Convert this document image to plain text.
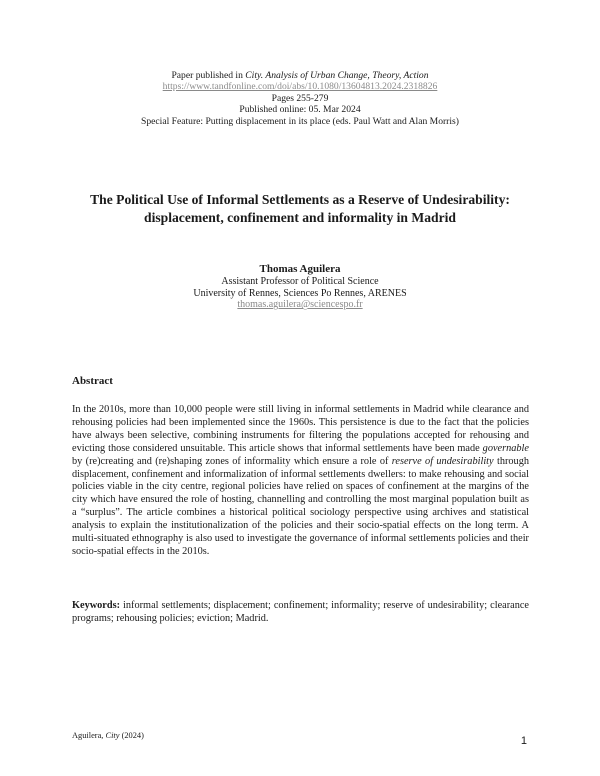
Paper published in City. Analysis of Urban Change, Theory, Action
https://www.tandfonline.com/doi/abs/10.1080/13604813.2024.2318826
Pages 255-279
Published online: 05. Mar 2024
Special Feature: Putting displacement in its place (eds. Paul Watt and Alan Morris)
The Political Use of Informal Settlements as a Reserve of Undesirability:
displacement, confinement and informality in Madrid
Thomas Aguilera
Assistant Professor of Political Science
University of Rennes, Sciences Po Rennes, ARENES
thomas.aguilera@sciencespo.fr
Abstract
In the 2010s, more than 10,000 people were still living in informal settlements in Madrid while clearance and rehousing policies had been implemented since the 1960s. This persistence is due to the fact that the policies have always been selective, combining instruments for filtering the populations accepted for rehousing and evicting those considered unsuitable. This article shows that informal settlements have been made governable by (re)creating and (re)shaping zones of informality which ensure a role of reserve of undesirability through displacement, confinement and informalization of informal settlements dwellers: to make rehousing and social policies viable in the city centre, regional policies have relied on spaces of confinement at the margins of the city which have ensured the role of hosting, channelling and controlling the most marginal population built as a “surplus”. The article combines a historical political sociology perspective using archives and statistical analysis to explain the institutionalization of the policies and their socio-spatial effects on the long term. A multi-situated ethnography is also used to investigate the governance of informal settlements policies and their socio-spatial effects in the 2010s.
Keywords: informal settlements; displacement; confinement; informality; reserve of undesirability; clearance programs; rehousing policies; eviction; Madrid.
Aguilera, City (2024)	1
